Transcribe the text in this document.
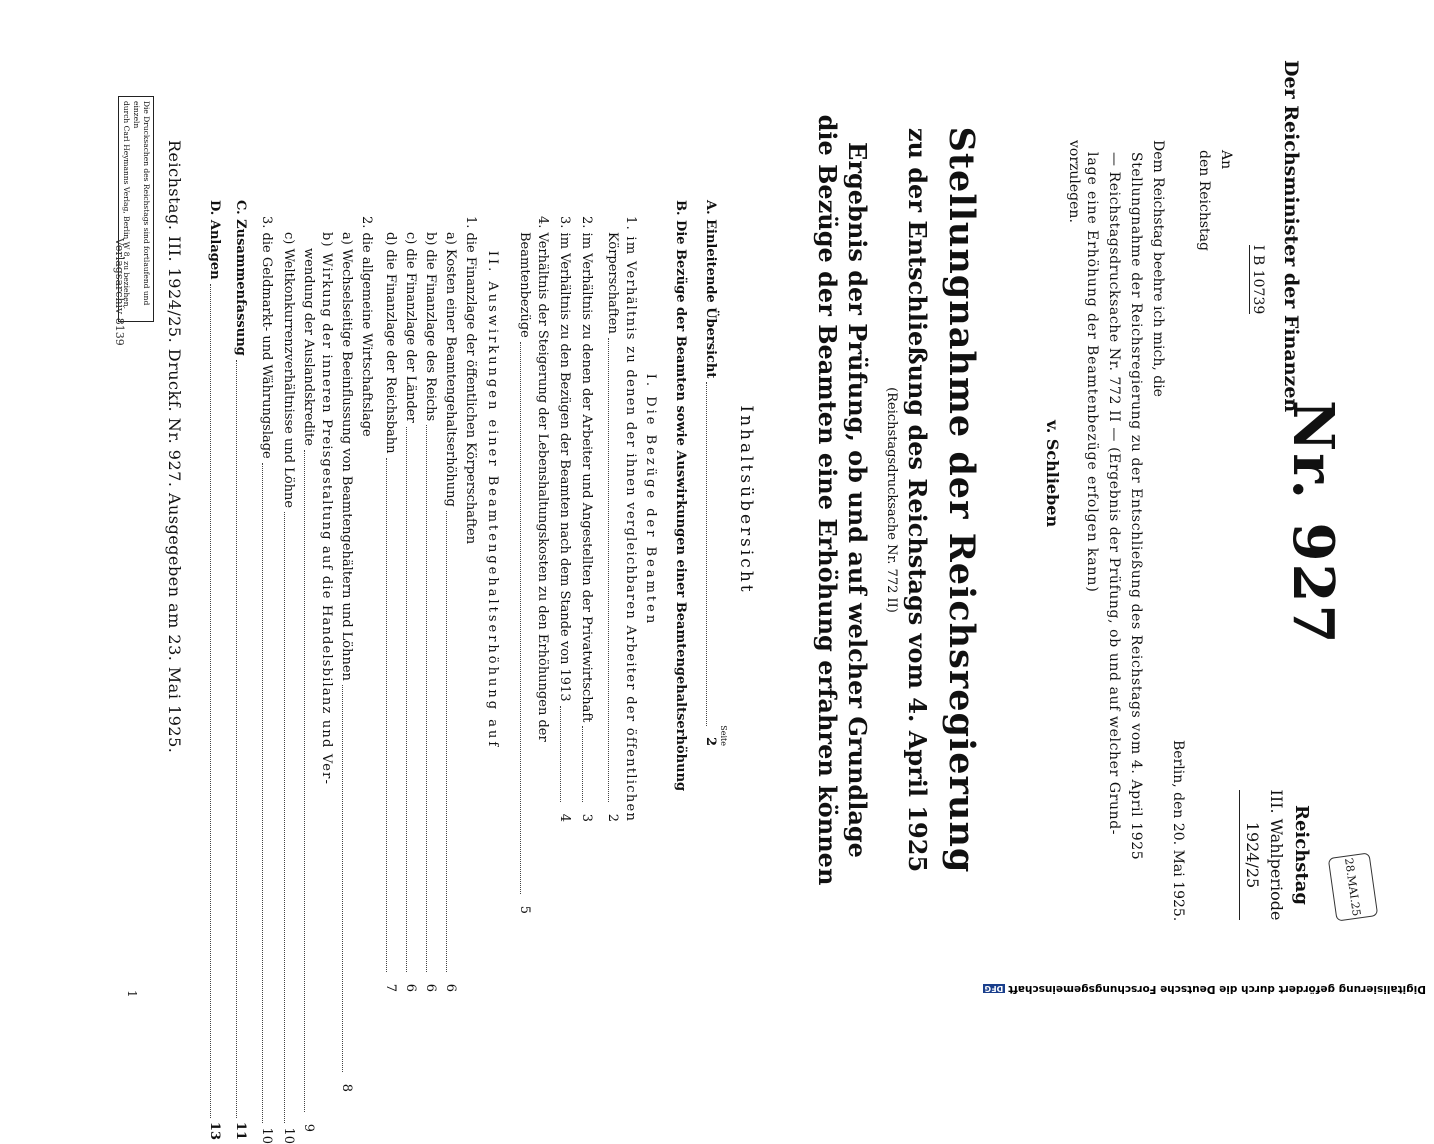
28.MAI.25
Reichstag
III. Wahlperiode
1924/25
Nr. 927
Der Reichsminister der Finanzen
I B 10739
An
den Reichstag
Berlin, den 20. Mai 1925.
Dem Reichstag beehre ich mich, die
Stellungnahme der Reichsregierung zu der Entschließung des Reichstags vom 4. April 1925
— Reichstagsdrucksache Nr. 772 II — (Ergebnis der Prüfung, ob und auf welcher Grund-
lage eine Erhöhung der Beamtenbezüge erfolgen kann)
vorzulegen.
v. Schlieben
Stellungnahme der Reichsregierung
zu der Entschließung des Reichstags vom 4. April 1925
(Reichstagsdrucksache Nr. 772 II)
Ergebnis der Prüfung, ob und auf welcher Grundlage
die Bezüge der Beamten eine Erhöhung erfahren können
Inhaltsübersicht
Seite
A. Einleitende Übersicht
2
B. Die Bezüge der Beamten sowie Auswirkungen einer Beamtengehaltserhöhung
I. Die Bezüge der Beamten
1. im Verhältnis zu denen der ihnen vergleichbaren Arbeiter der öffentlichen
Körperschaften
2
2. im Verhältnis zu denen der Arbeiter und Angestellten der Privatwirtschaft
3
3. im Verhältnis zu den Bezügen der Beamten nach dem Stande von 1913
4
4. Verhältnis der Steigerung der Lebenshaltungskosten zu den Erhöhungen der
Beamtenbezüge
5
II. Auswirkungen einer Beamtengehaltserhöhung auf
1. die Finanzlage der öffentlichen Körperschaften
a) Kosten einer Beamtengehaltserhöhung
6
b) die Finanzlage des Reichs
6
c) die Finanzlage der Länder
6
d) die Finanzlage der Reichsbahn
7
2. die allgemeine Wirtschaftslage
a) Wechselseitige Beeinflussung von Beamtengehältern und Löhnen
8
b) Wirkung der inneren Preisgestaltung auf die Handelsbilanz und Ver-
wendung der Auslandskredite
9
c) Weltkonkurrenzverhältnisse und Löhne
10
3. die Geldmarkt- und Währungslage
10
C. Zusammenfassung
11
D. Anlagen
13
1
Reichstag. III. 1924/25. Druckf. Nr. 927. Ausgegeben am 23. Mai 1925.
Die Drucksachen des Reichstags sind fortlaufend und einzeln
durch Carl Heymanns Verlag, Berlin W 8, zu beziehen.
Verlagsarchiv 8139
Digitalisierung gefördert durch die Deutsche Forschungsgemeinschaft
DFG
